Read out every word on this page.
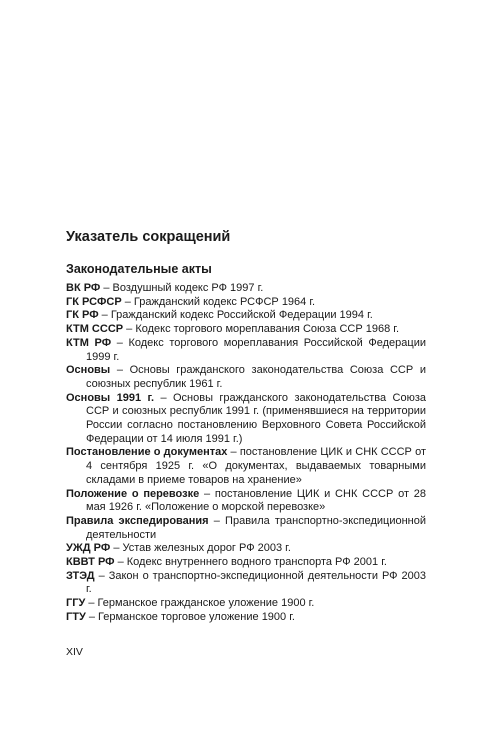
Указатель сокращений
Законодательные акты
ВК РФ – Воздушный кодекс РФ 1997 г.
ГК РСФСР – Гражданский кодекс РСФСР 1964 г.
ГК РФ – Гражданский кодекс Российской Федерации 1994 г.
КТМ СССР – Кодекс торгового мореплавания Союза ССР 1968 г.
КТМ РФ – Кодекс торгового мореплавания Российской Федерации 1999 г.
Основы – Основы гражданского законодательства Союза ССР и союзных республик 1961 г.
Основы 1991 г. – Основы гражданского законодательства Союза ССР и союзных республик 1991 г. (применявшиеся на территории России согласно постановлению Верховного Совета Российской Федерации от 14 июля 1991 г.)
Постановление о документах – постановление ЦИК и СНК СССР от 4 сентября 1925 г. «О документах, выдаваемых товарными складами в приеме товаров на хранение»
Положение о перевозке – постановление ЦИК и СНК СССР от 28 мая 1926 г. «Положение о морской перевозке»
Правила экспедирования – Правила транспортно-экспедиционной деятельности
УЖД РФ – Устав железных дорог РФ 2003 г.
КВВТ РФ – Кодекс внутреннего водного транспорта РФ 2001 г.
ЗТЭД – Закон о транспортно-экспедиционной деятельности РФ 2003 г.
ГГУ – Германское гражданское уложение 1900 г.
ГТУ – Германское торговое уложение 1900 г.
XIV
